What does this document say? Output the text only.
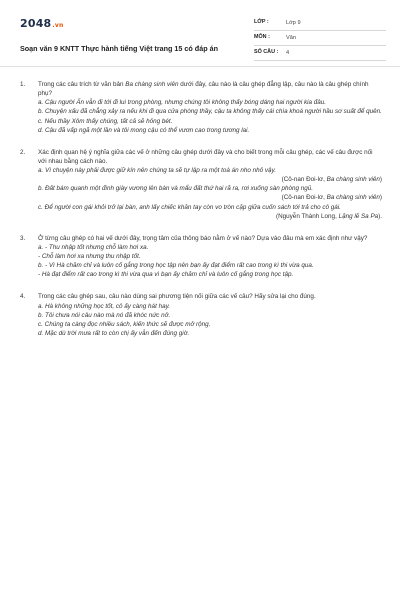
2048.vn
Soạn văn 9 KNTT Thực hành tiếng Việt trang 15 có đáp án
LỚP :	Lớp 9
MÔN :	Văn
SỐ CÂU :	4
1.	Trong các câu trích từ văn bản Ba chàng sinh viên dưới đây, câu nào là câu ghép đẳng lập, câu nào là câu ghép chính phụ?
a. Cậu người Ấn vẫn đi tới đi lui trong phòng, nhưng chúng tôi không thấy bóng dáng hai người kia đâu.
b. Chuyện xấu đã chẳng xảy ra nếu khi đi qua cửa phòng thầy, cậu ta không thấy cái chìa khoá người hầu sơ suất để quên.
c. Nếu thầy Xôm thấy chúng, tất cả sẽ hỏng bét.
d. Cậu đã vấp ngã một lần và tôi mong cậu có thể vươn cao trong tương lai.
2.	Xác định quan hệ ý nghĩa giữa các vế ở những câu ghép dưới đây và cho biết trong mỗi câu ghép, các vế câu được nối với nhau bằng cách nào.
a. Vì chuyện này phải được giữ kín nên chúng ta sẽ tự lập ra một toà án nho nhỏ vậy.
(Cô-nan Đoi-lơ, Ba chàng sinh viên)
b. Đất bám quanh một đinh giày vương lên bàn và mẩu đất thứ hai rã ra, rơi xuống sàn phòng ngủ.
(Cô-nan Đoi-lơ, Ba chàng sinh viên)
c. Để người con gái khỏi trở lại bàn, anh lấy chiếc khăn tay còn vo tròn cặp giữa cuốn sách tới trả cho cô gái.
(Nguyễn Thành Long, Lặng lẽ Sa Pa).
3.	Ở từng câu ghép có hai vế dưới đây, trọng tâm của thông báo nằm ở vế nào? Dựa vào đâu mà em xác định như vậy?
a. - Thu nhập tốt nhưng chỗ làm hơi xa.
- Chỗ làm hơi xa nhưng thu nhập tốt.
b. - Vì Hà chăm chỉ và luôn cố gắng trong học tập nên bạn ấy đạt điểm rất cao trong kì thi vừa qua.
- Hà đạt điểm rất cao trong kì thi vừa qua vì bạn ấy chăm chỉ và luôn cố gắng trong học tập.
4.	Trong các câu ghép sau, câu nào dùng sai phương tiện nối giữa các vế câu? Hãy sửa lại cho đúng.
a. Hà không những học tốt, cô ấy càng hát hay.
b. Tôi chưa nói câu nào mà nó đã khóc nức nở.
c. Chúng ta càng đọc nhiều sách, kiến thức sẽ được mở rộng.
d. Mặc dù trời mưa rất to còn chị ấy vẫn đến đúng giờ.
